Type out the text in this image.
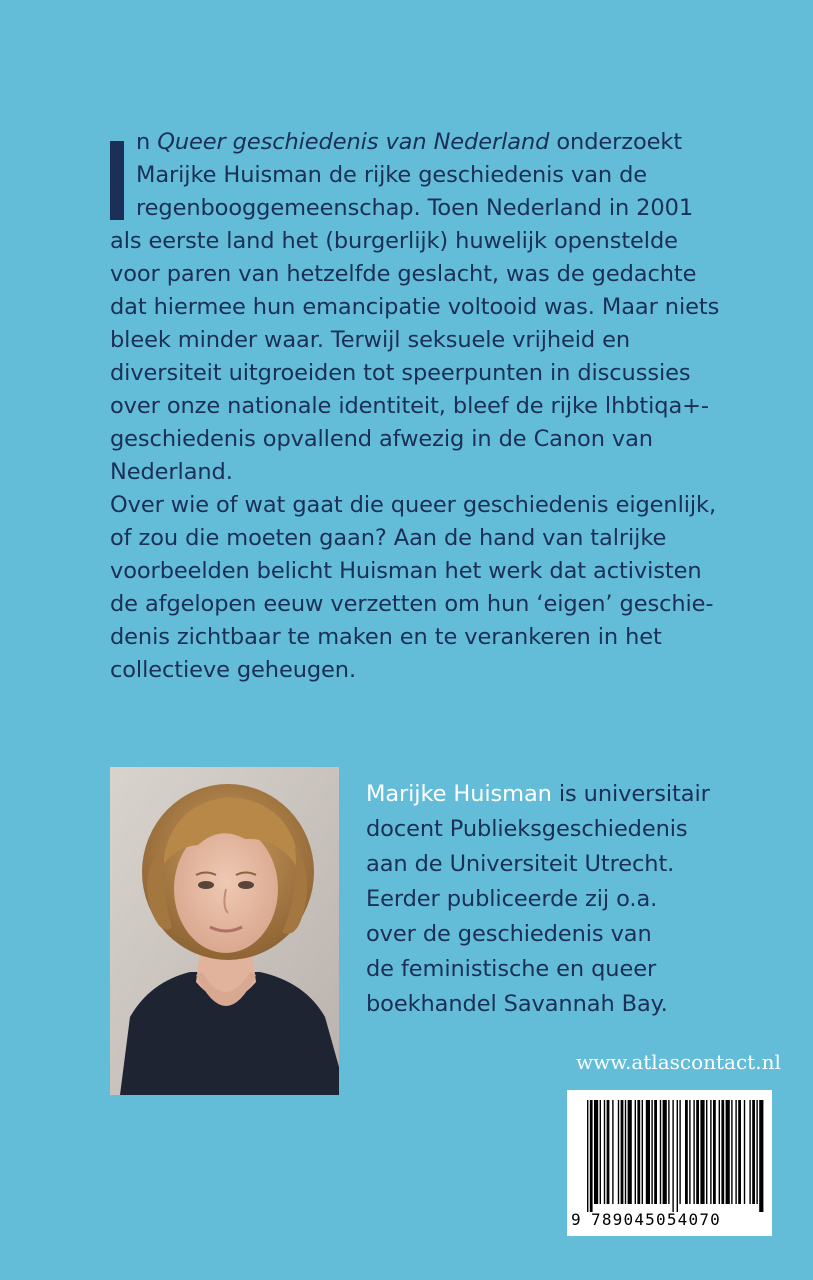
n Queer geschiedenis van Nederland onderzoekt
Marijke Huisman de rijke geschiedenis van de
regenbooggemeenschap. Toen Nederland in 2001
als eerste land het (burgerlijk) huwelijk openstelde
voor paren van hetzelfde geslacht, was de gedachte
dat hiermee hun emancipatie voltooid was. Maar niets
bleek minder waar. Terwijl seksuele vrijheid en
diversiteit uitgroeiden tot speerpunten in discussies
over onze nationale identiteit, bleef de rijke lhbtiqa+-
geschiedenis opvallend afwezig in de Canon van
Nederland.

Over wie of wat gaat die queer geschiedenis eigenlijk,
of zou die moeten gaan? Aan de hand van talrijke
voorbeelden belicht Huisman het werk dat activisten
de afgelopen eeuw verzetten om hun ‘eigen’ geschie-
denis zichtbaar te maken en te verankeren in het
collectieve geheugen.

Marijke Huisman is universitair
docent Publieksgeschiedenis
aan de Universiteit Utrecht.
Eerder publiceerde zij o.a.
over de geschiedenis van
de feministische en queer
boekhandel Savannah Bay.
www.atlascontact.nl
9 789045054070
